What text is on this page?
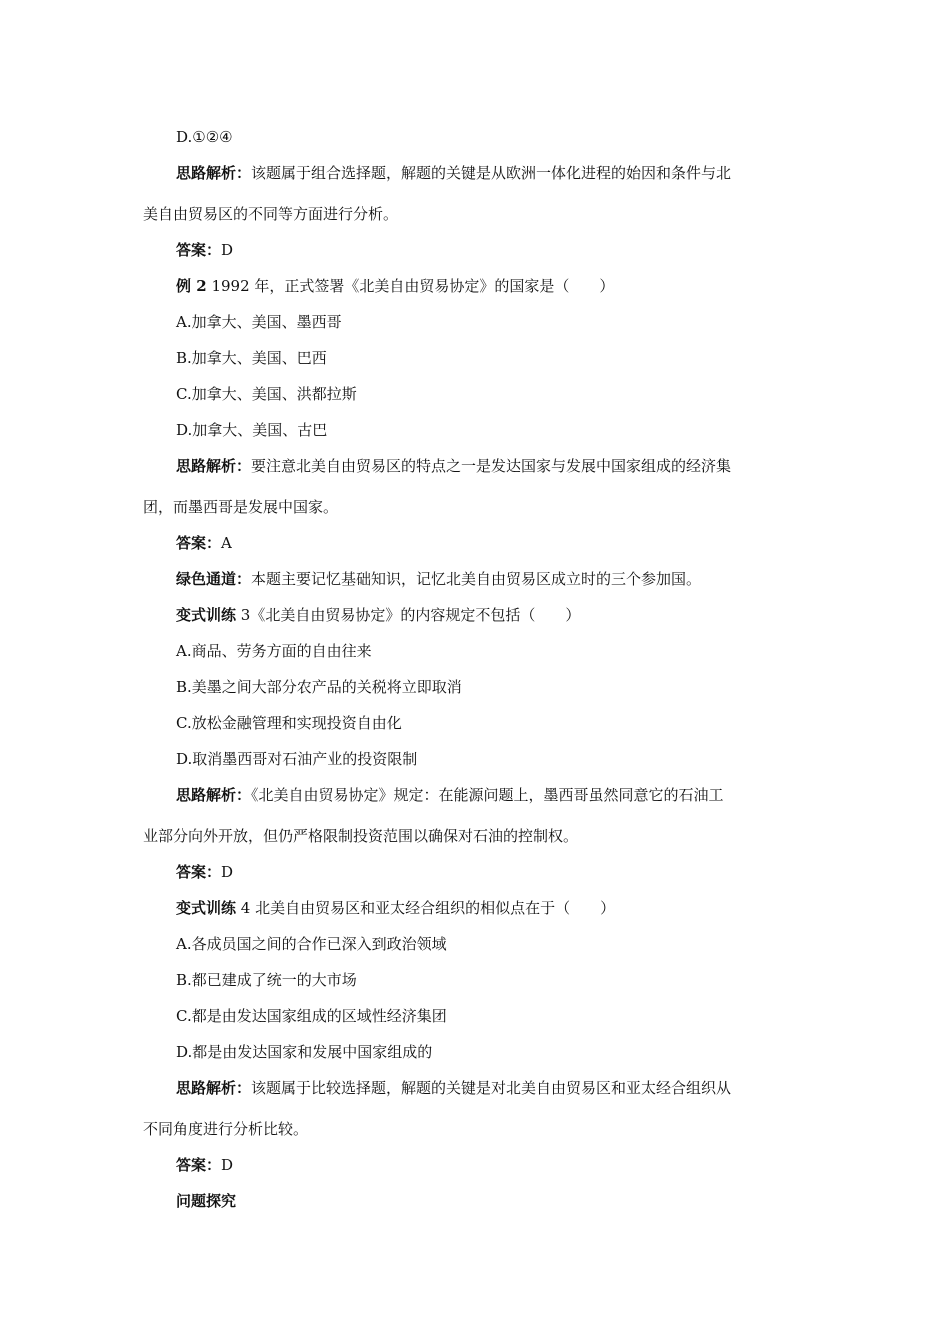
D.①②④
思路解析：该题属于组合选择题，解题的关键是从欧洲一体化进程的始因和条件与北
美自由贸易区的不同等方面进行分析。
答案：D
例 2 1992 年，正式签署《北美自由贸易协定》的国家是（　　）
A.加拿大、美国、墨西哥
B.加拿大、美国、巴西
C.加拿大、美国、洪都拉斯
D.加拿大、美国、古巴
思路解析：要注意北美自由贸易区的特点之一是发达国家与发展中国家组成的经济集
团，而墨西哥是发展中国家。
答案：A
绿色通道：本题主要记忆基础知识，记忆北美自由贸易区成立时的三个参加国。
变式训练 3《北美自由贸易协定》的内容规定不包括（　　）
A.商品、劳务方面的自由往来
B.美墨之间大部分农产品的关税将立即取消
C.放松金融管理和实现投资自由化
D.取消墨西哥对石油产业的投资限制
思路解析：《北美自由贸易协定》规定：在能源问题上，墨西哥虽然同意它的石油工
业部分向外开放，但仍严格限制投资范围以确保对石油的控制权。
答案：D
变式训练 4 北美自由贸易区和亚太经合组织的相似点在于（　　）
A.各成员国之间的合作已深入到政治领域
B.都已建成了统一的大市场
C.都是由发达国家组成的区域性经济集团
D.都是由发达国家和发展中国家组成的
思路解析：该题属于比较选择题，解题的关键是对北美自由贸易区和亚太经合组织从
不同角度进行分析比较。
答案：D
问题探究
